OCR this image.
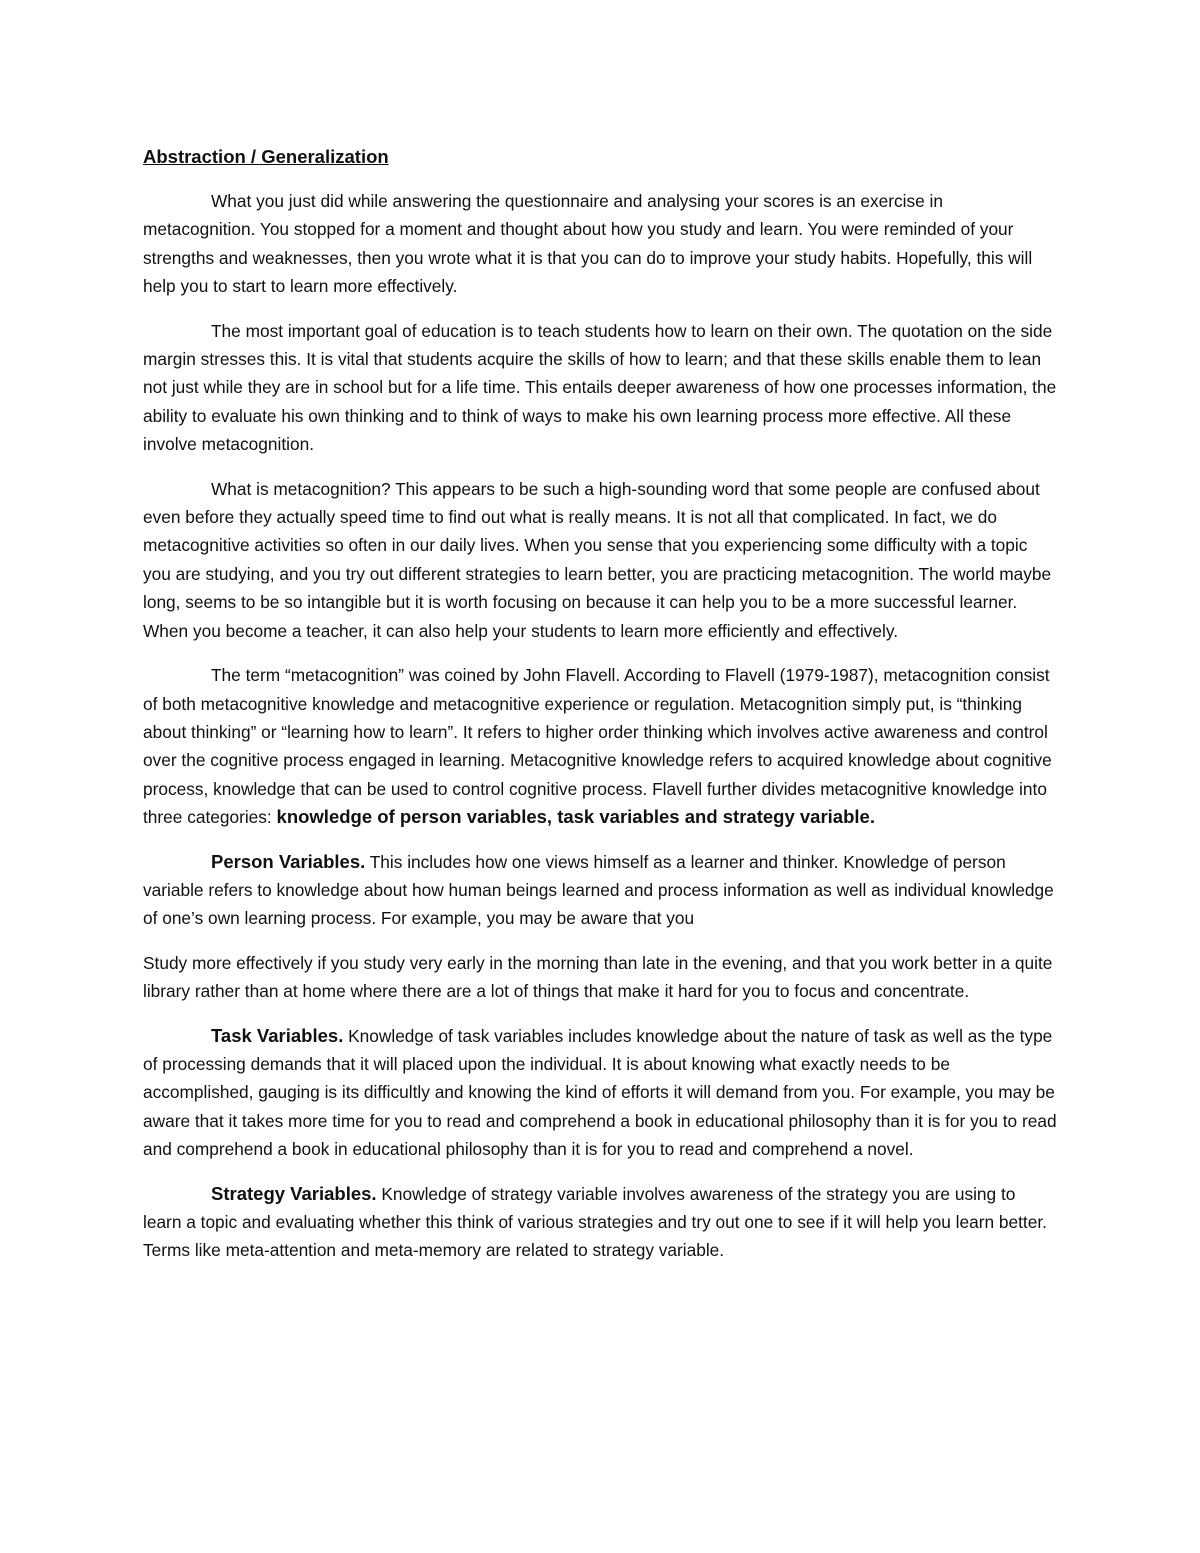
Abstraction / Generalization

What you just did while answering the questionnaire and analysing your scores is an exercise in metacognition. You stopped for a moment and thought about how you study and learn. You were reminded of your strengths and weaknesses, then you wrote what it is that you can do to improve your study habits. Hopefully, this will help you to start to learn more effectively.

The most important goal of education is to teach students how to learn on their own. The quotation on the side margin stresses this. It is vital that students acquire the skills of how to learn; and that these skills enable them to lean not just while they are in school but for a life time. This entails deeper awareness of how one processes information, the ability to evaluate his own thinking and to think of ways to make his own learning process more effective. All these involve metacognition.

What is metacognition? This appears to be such a high-sounding word that some people are confused about even before they actually speed time to find out what is really means. It is not all that complicated. In fact, we do metacognitive activities so often in our daily lives. When you sense that you experiencing some difficulty with a topic you are studying, and you try out different strategies to learn better, you are practicing metacognition. The world maybe long, seems to be so intangible but it is worth focusing on because it can help you to be a more successful learner. When you become a teacher, it can also help your students to learn more efficiently and effectively.

The term “metacognition” was coined by John Flavell. According to Flavell (1979-1987), metacognition consist of both metacognitive knowledge and metacognitive experience or regulation. Metacognition simply put, is “thinking about thinking” or “learning how to learn”. It refers to higher order thinking which involves active awareness and control over the cognitive process engaged in learning. Metacognitive knowledge refers to acquired knowledge about cognitive process, knowledge that can be used to control cognitive process. Flavell further divides metacognitive knowledge into three categories: knowledge of person variables, task variables and strategy variable.

Person Variables. This includes how one views himself as a learner and thinker. Knowledge of person variable refers to knowledge about how human beings learned and process information as well as individual knowledge of one’s own learning process. For example, you may be aware that you

Study more effectively if you study very early in the morning than late in the evening, and that you work better in a quite library rather than at home where there are a lot of things that make it hard for you to focus and concentrate.

Task Variables. Knowledge of task variables includes knowledge about the nature of task as well as the type of processing demands that it will placed upon the individual. It is about knowing what exactly needs to be accomplished, gauging is its difficultly and knowing the kind of efforts it will demand from you. For example, you may be aware that it takes more time for you to read and comprehend a book in educational philosophy than it is for you to read and comprehend a book in educational philosophy than it is for you to read and comprehend a novel.

Strategy Variables. Knowledge of strategy variable involves awareness of the strategy you are using to learn a topic and evaluating whether this think of various strategies and try out one to see if it will help you learn better. Terms like meta-attention and meta-memory are related to strategy variable.
